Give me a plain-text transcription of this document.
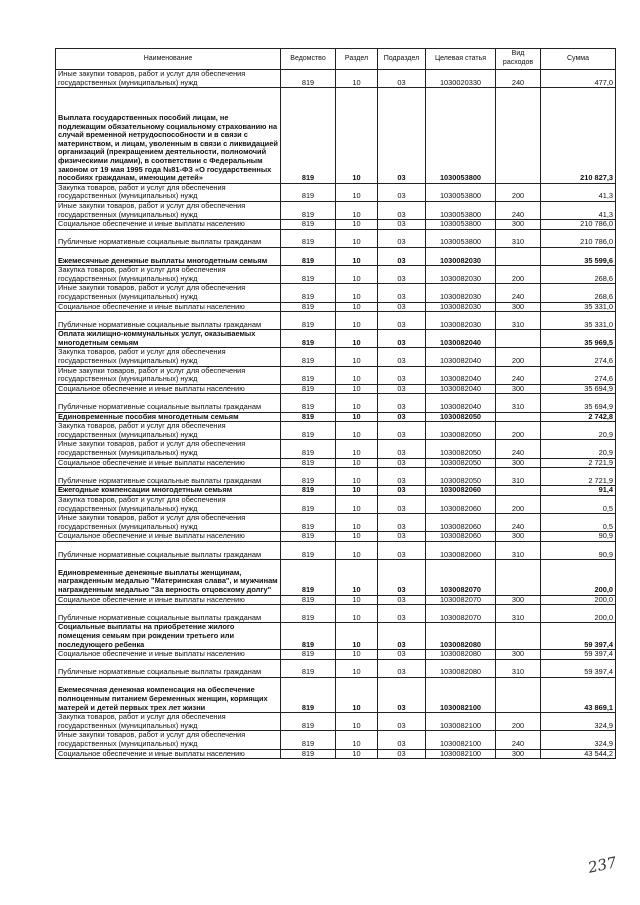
Наименование	Ведомство	Раздел	Подраздел	Целевая статья	Вид расходов	Сумма
Иные закупки товаров, работ и услуг для обеспечения государственных (муниципальных) нужд	819	10	03	1030020330	240	477,0
Выплата государственных пособий лицам, не подлежащим обязательному социальному страхованию на случай временной нетрудоспособности и в связи с материнством, и лицам, уволенным в связи с ликвидацией организаций (прекращением деятельности, полномочий физическими лицами), в соответствии с Федеральным законом от 19 мая 1995 года №81-ФЗ «О государственных пособиях гражданам, имеющим детей»	819	10	03	1030053800		210 827,3
Закупка товаров, работ и услуг для обеспечения государственных (муниципальных) нужд	819	10	03	1030053800	200	41,3
Иные закупки товаров, работ и услуг для обеспечения государственных (муниципальных) нужд	819	10	03	1030053800	240	41,3
Социальное обеспечение и иные выплаты населению	819	10	03	1030053800	300	210 786,0
Публичные нормативные социальные выплаты гражданам	819	10	03	1030053800	310	210 786,0
Ежемесячные денежные выплаты многодетным семьям	819	10	03	1030082030		35 599,6
Закупка товаров, работ и услуг для обеспечения государственных (муниципальных) нужд	819	10	03	1030082030	200	268,6
Иные закупки товаров, работ и услуг для обеспечения государственных (муниципальных) нужд	819	10	03	1030082030	240	268,6
Социальное обеспечение и иные выплаты населению	819	10	03	1030082030	300	35 331,0
Публичные нормативные социальные выплаты гражданам	819	10	03	1030082030	310	35 331,0
Оплата жилищно-коммунальных услуг, оказываемых многодетным семьям	819	10	03	1030082040		35 969,5
Закупка товаров, работ и услуг для обеспечения государственных (муниципальных) нужд	819	10	03	1030082040	200	274,6
Иные закупки товаров, работ и услуг для обеспечения государственных (муниципальных) нужд	819	10	03	1030082040	240	274,6
Социальное обеспечение и иные выплаты населению	819	10	03	1030082040	300	35 694,9
Публичные нормативные социальные выплаты гражданам	819	10	03	1030082040	310	35 694,9
Единовременные пособия многодетным семьям	819	10	03	1030082050		2 742,8
Закупка товаров, работ и услуг для обеспечения государственных (муниципальных) нужд	819	10	03	1030082050	200	20,9
Иные закупки товаров, работ и услуг для обеспечения государственных (муниципальных) нужд	819	10	03	1030082050	240	20,9
Социальное обеспечение и иные выплаты населению	819	10	03	1030082050	300	2 721,9
Публичные нормативные социальные выплаты гражданам	819	10	03	1030082050	310	2 721,9
Ежегодные компенсации многодетным семьям	819	10	03	1030082060		91,4
Закупка товаров, работ и услуг для обеспечения государственных (муниципальных) нужд	819	10	03	1030082060	200	0,5
Иные закупки товаров, работ и услуг для обеспечения государственных (муниципальных) нужд	819	10	03	1030082060	240	0,5
Социальное обеспечение и иные выплаты населению	819	10	03	1030082060	300	90,9
Публичные нормативные социальные выплаты гражданам	819	10	03	1030082060	310	90,9
Единовременные денежные выплаты женщинам, награжденным медалью "Материнская слава", и мужчинам награжденным медалью "За верность отцовскому долгу"	819	10	03	1030082070		200,0
Социальное обеспечение и иные выплаты населению	819	10	03	1030082070	300	200,0
Публичные нормативные социальные выплаты гражданам	819	10	03	1030082070	310	200,0
Социальные выплаты на приобретение жилого помещения семьям при рождении третьего или последующего ребенка	819	10	03	1030082080		59 397,4
Социальное обеспечение и иные выплаты населению	819	10	03	1030082080	300	59 397,4
Публичные нормативные социальные выплаты гражданам	819	10	03	1030082080	310	59 397,4
Ежемесячная денежная компенсация на обеспечение полноценным питанием беременных женщин, кормящих матерей и детей первых трех лет жизни	819	10	03	1030082100		43 869,1
Закупка товаров, работ и услуг для обеспечения государственных (муниципальных) нужд	819	10	03	1030082100	200	324,9
Иные закупки товаров, работ и услуг для обеспечения государственных (муниципальных) нужд	819	10	03	1030082100	240	324,9
Социальное обеспечение и иные выплаты населению	819	10	03	1030082100	300	43 544,2
237
